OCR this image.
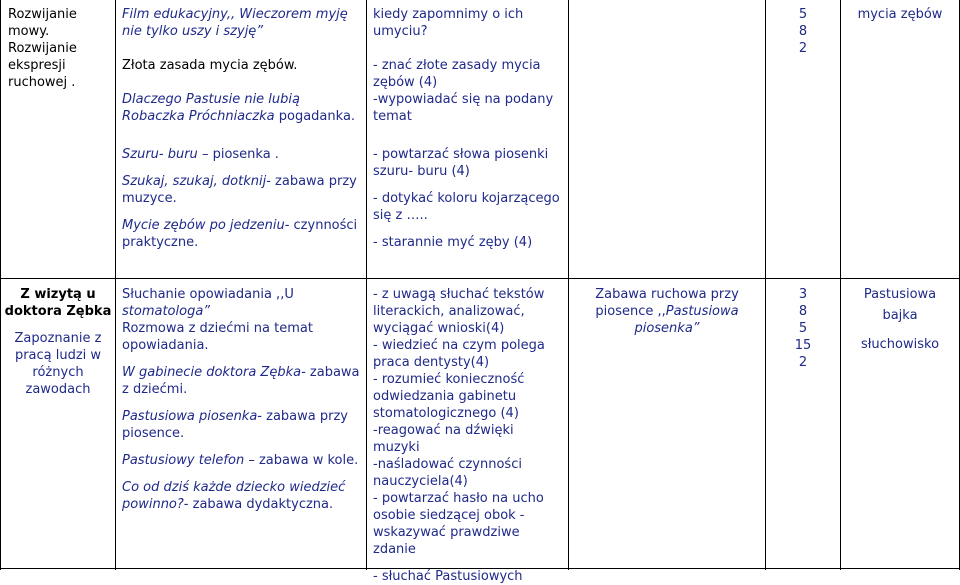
Rozwijanie mowy.

Rozwijanie ekspresji ruchowej .

Film edukacyjny,, Wieczorem myję nie tylko uszy i szyję”

Złota zasada mycia zębów.

Dlaczego Pastusie nie lubią Robaczka Próchniaczka pogadanka.

kiedy zapomnimy o ich umyciu?

- znać złote zasady mycia zębów (4)

-wypowiadać się na podany temat

5

8

2

mycia zębów

Szuru- buru – piosenka .

Szukaj, szukaj, dotknij- zabawa przy muzyce.

Mycie zębów po jedzeniu- czynności praktyczne.

- powtarzać słowa piosenki szuru- buru (4)

- dotykać koloru kojarzącego się z …..

- starannie myć zęby (4)

Z wizytą u doktora Zębka

Zapoznanie z pracą ludzi w różnych zawodach

Słuchanie opowiadania ,,U

stomatologa”

Rozmowa z dziećmi na temat opowiadania.

W gabinecie doktora Zębka- zabawa z dziećmi.

Pastusiowa piosenka- zabawa przy piosence.

Pastusiowy telefon – zabawa w kole.

Co od dziś każde dziecko wiedzieć powinno?- zabawa dydaktyczna.

- z uwagą słuchać tekstów literackich, analizować, wyciągać wnioski(4)

- wiedzieć na czym polega praca dentysty(4)

- rozumieć konieczność odwiedzania gabinetu stomatologicznego (4)

-reagować na dźwięki muzyki

-naśladować czynności nauczyciela(4)

- powtarzać hasło na ucho osobie siedzącej obok - wskazywać prawdziwe zdanie

- słuchać Pastusiowych

Zabawa ruchowa przy

piosence ,,Pastusiowa

piosenka”

3

8

5

15

2

Pastusiowa

bajka

słuchowisko
